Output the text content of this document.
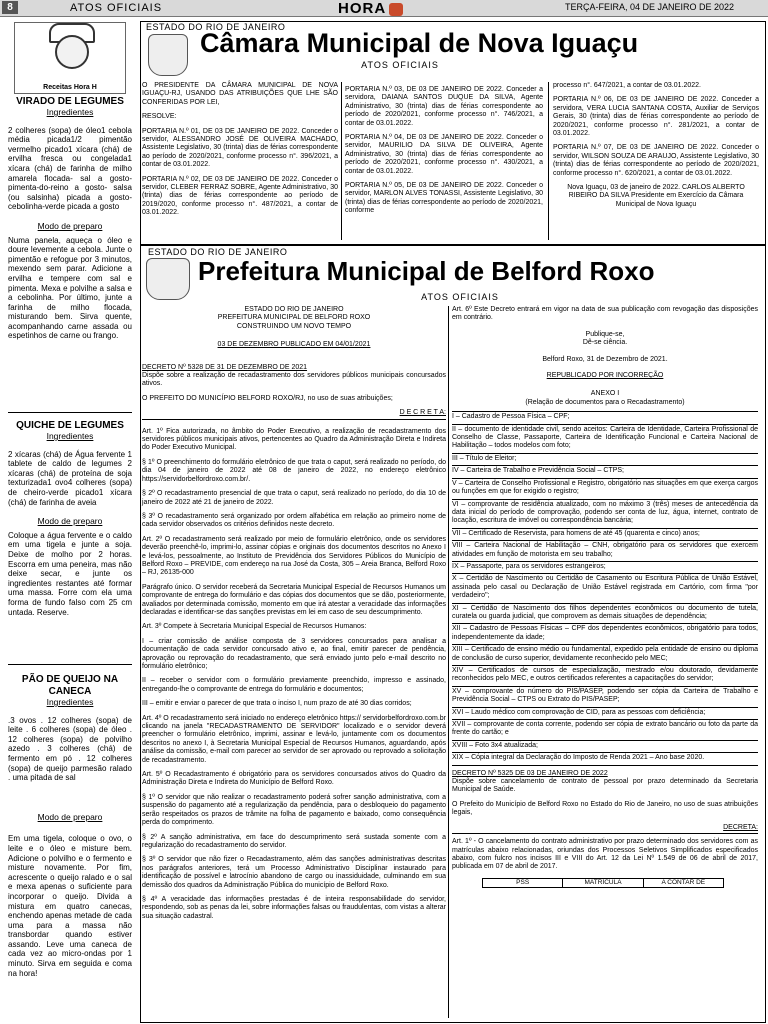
8	ATOS OFICIAIS	HORA	TERÇA-FEIRA, 04 DE JANEIRO DE 2022
Receitas Hora H
VIRADO DE LEGUMES
Ingredientes
2 colheres (sopa) de óleo1 cebola média picada1/2 pimentão vermelho picado1 xícara (chá) de ervilha fresca ou congelada1 xícara (chá) de farinha de milho amarela flocada- sal a gosto- pimenta-do-reino a gosto- salsa (ou salsinha) picada a gosto- cebolinha-verde picada a gosto
Modo de preparo
Numa panela, aqueça o óleo e doure levemente a cebola. Junte o pimentão e refogue por 3 minutos, mexendo sem parar. Adicione a ervilha e tempere com sal e pimenta. Mexa e polvilhe a salsa e a cebolinha. Por último, junte a farinha de milho flocada, misturando bem. Sirva quente, acompanhando carne assada ou espetinhos de carne ou frango.
QUICHE DE LEGUMES
Ingredientes
2 xícaras (chá) de Água fervente 1 tablete de caldo de legumes 2 xícaras (chá) de proteína de soja texturizada1 ovo4 colheres (sopa) de cheiro-verde picado1 xícara (chá) de farinha de aveia
Modo de preparo
Coloque a água fervente e o caldo em uma tigela e junte a soja. Deixe de molho por 2 horas. Escorra em uma peneira, mas não deixe secar, e junte os ingredientes restantes até formar uma massa. Forre com ela uma forma de fundo falso com 25 cm untada. Reserve.
PÃO DE QUEIJO NA CANECA
Ingredientes
.3 ovos . 12 colheres (sopa) de leite . 6 colheres (sopa) de óleo . 12 colheres (sopa) de polvilho azedo . 3 colheres (chá) de fermento em pó . 12 colheres (sopa) de queijo parmesão ralado . uma pitada de sal
Modo de preparo
Em uma tigela, coloque o ovo, o leite e o óleo e misture bem. Adicione o polvilho e o fermento e misture novamente. Por fim, acrescente o queijo ralado e o sal e mexa apenas o suficiente para incorporar o queijo. Divida a mistura em quatro canecas, enchendo apenas metade de cada uma para a massa não transbordar quando estiver assando. Leve uma caneca de cada vez ao micro-ondas por 1 minuto. Sirva em seguida e coma na hora!
ESTADO DO RIO DE JANEIRO
Câmara Municipal de Nova Iguaçu
ATOS OFICIAIS

O PRESIDENTE DA CÂMARA MUNICIPAL DE NOVA IGUAÇU-RJ, USANDO DAS ATRIBUIÇÕES QUE LHE SÃO CONFERIDAS POR LEI,

RESOLVE:

PORTARIA N.º 01, DE 03 DE JANEIRO DE 2022. Conceder o servidor, ALESSANDRO JOSÉ DE OLIVEIRA MACHADO, Assistente Legislativo, 30 (trinta) dias de férias correspondente ao período de 2020/2021, conforme processo n°. 396/2021, a contar de 03.01.2022.

PORTARIA N.º 02, DE 03 DE JANEIRO DE 2022. Conceder o servidor, CLEBER FERRAZ SOBRE, Agente Administrativo, 30 (trinta) dias de férias correspondente ao período de 2019/2020, conforme processo n°. 487/2021, a contar de 03.01.2022.

PORTARIA N.º 03, DE 03 DE JANEIRO DE 2022. Conceder a servidora, DAIANA SANTOS DUQUE DA SILVA, Agente Administrativo, 30 (trinta) dias de férias correspondente ao período de 2020/2021, conforme processo n°. 746/2021, a contar de 03.01.2022.

PORTARIA N.º 04, DE 03 DE JANEIRO DE 2022. Conceder o servidor, MAURILIO DA SILVA DE OLIVEIRA, Agente Administrativo, 30 (trinta) dias de férias correspondente ao período de 2020/2021, conforme processo n°. 430/2021, a contar de 03.01.2022.

PORTARIA N.º 05, DE 03 DE JANEIRO DE 2022. Conceder o servidor, MARLON ALVES TONASSI, Assistente Legislativo, 30 (trinta) dias de férias correspondente ao período de 2020/2021, conforme

processo n°. 647/2021, a contar de 03.01.2022.

PORTARIA N.º 06, DE 03 DE JANEIRO DE 2022. Conceder a servidora, VERA LUCIA SANTANA COSTA, Auxiliar de Serviços Gerais, 30 (trinta) dias de férias correspondente ao período de 2020/2021, conforme processo n°. 281/2021, a contar de 03.01.2022.

PORTARIA N.º 07, DE 03 DE JANEIRO DE 2022. Conceder o servidor, WILSON SOUZA DE ARAUJO, Assistente Legislativo, 30 (trinta) dias de férias correspondente ao período de 2020/2021, conforme processo n°. 620/2021, a contar de 03.01.2022.

Nova Iguaçu, 03 de janeiro de 2022. CARLOS ALBERTO RIBEIRO DA SILVA Presidente em Exercício da Câmara Municipal de Nova Iguaçu

ESTADO DO RIO DE JANEIRO
Prefeitura Municipal de Belford Roxo
ATOS OFICIAIS
ESTADO DO RIO DE JANEIRO
PREFEITURA MUNICIPAL DE BELFORD ROXO
CONSTRUINDO UM NOVO TEMPO
03 DE DEZEMBRO PUBLICADO EM 04/01/2021
DECRETO Nº 5328 DE 31 DE DEZEMBRO DE 2021

Dispõe sobre a realização de recadastramento dos servidores públicos municipais concursados ativos.

O PREFEITO DO MUNICÍPIO BELFORD ROXO/RJ, no uso de suas atribuições;

D E C R E T A:

Art. 1º Fica autorizada, no âmbito do Poder Executivo, a realização de recadastramento dos servidores públicos municipais ativos, pertencentes ao Quadro da Administração Direta e Indireta do Poder Executivo Municipal.

§ 1º O preenchimento do formulário eletrônico de que trata o caput, será realizado no período, do dia 04 de janeiro de 2022 até 08 de janeiro de 2022, no endereço eletrônico https://servidorbelfordroxo.com.br/.

§ 2º O recadastramento presencial de que trata o caput, será realizado no período, do dia 10 de janeiro de 2022 até 21 de janeiro de 2022.

§ 3º O recadastramento será organizado por ordem alfabética em relação ao primeiro nome de cada servidor observados os critérios definidos neste decreto.

Art. 2º O recadastramento será realizado por meio de formulário eletrônico, onde os servidores deverão preenchê-lo, imprimi-lo, assinar cópias e originais dos documentos descritos no Anexo I e levá-los, pessoalmente, ao Instituto de Previdência dos Servidores Públicos do Município de Belford Roxo – PREVIDE, com endereço na rua José da Costa, 305 – Areia Branca, Belford Roxo – RJ, 26135-000

Parágrafo único. O servidor receberá da Secretaria Municipal Especial de Recursos Humanos um comprovante de entrega do formulário e das cópias dos documentos que se dão, posteriormente, avaliados por determinada comissão, momento em que irá atestar a veracidade das informações declaradas e identificar-se das sanções previstas em lei em caso de seu descumprimento.

Art. 3º Compete à Secretaria Municipal Especial de Recursos Humanos:

I – criar comissão de análise composta de 3 servidores concursados para analisar a documentação de cada servidor concursado ativo e, ao final, emitir parecer de pendência, aprovação ou reprovação do recadastramento, que será enviado junto pelo e-mail descrito no formulário eletrônico;

II – receber o servidor com o formulário previamente preenchido, impresso e assinado, entregando-lhe o comprovante de entrega do formulário e documentos;

III – emitir e enviar o parecer de que trata o inciso I, num prazo de até 30 dias corridos;

Art. 4º O recadastramento será iniciado no endereço eletrônico https:// servidorbelfordroxo.com.br clicando na janela "RECADASTRAMENTO DE SERVIDOR" localizado e o servidor deverá preencher o formulário eletrônico, imprimi, assinar e levá-lo, juntamente com os documentos descritos no anexo I, à Secretaria Municipal Especial de Recursos Humanos, aguardando, após análise da comissão, e-mail com parecer ao servidor de ser aprovado ou reprovado a solicitação de recadastramento.

Art. 5º O Recadastramento é obrigatório para os servidores concursados ativos do Quadro da Administração Direta e Indireta do Município de Belford Roxo.

§ 1º O servidor que não realizar o recadastramento poderá sofrer sanção administrativa, com a suspensão do pagamento até a regularização da pendência, para o desbloqueio do pagamento serão respeitados os prazos de trâmite na folha de pagamento e baixado, como consequência perda do comprimento.

§ 2º A sanção administrativa, em face do descumprimento será sustada somente com a regularização do recadastramento do servidor.

§ 3º O servidor que não fizer o Recadastramento, além das sanções administrativas descritas nos parágrafos anteriores, terá um Processo Administrativo Disciplinar instaurado para identificação de possível e latrocínio abandono de cargo ou inassiduidade, culminando em sua demissão dos quadros da Administração Pública do município de Belford Roxo.

§ 4º A veracidade das informações prestadas é de inteira responsabilidade do servidor, respondendo, sob as penas da lei, sobre informações falsas ou fraudulentas, com vistas a alterar sua situação cadastral.

Art. 6º Este Decreto entrará em vigor na data de sua publicação com revogação das disposições em contrário.

Publique-se,
Dê-se ciência.
Belford Roxo, 31 de Dezembro de 2021.
REPUBLICADO POR INCORREÇÃO
ANEXO I
(Relação de documentos para o Recadastramento)
I – Cadastro de Pessoa Física – CPF;
II – documento de identidade civil, sendo aceitos: Carteira de Identidade, Carteira Profissional de Conselho de Classe, Passaporte, Carteira de Identificação Funcional e Carteira Nacional de Habilitação – todos modelos com foto;
III – Título de Eleitor;
IV – Carteira de Trabalho e Previdência Social – CTPS;
V – Carteira de Conselho Profissional e Registro, obrigatório nas situações em que exerça cargos ou funções em que for exigido o registro;
VI – comprovante de residência atualizado, com no máximo 3 (três) meses de antecedência da data inicial do período de comprovação, podendo ser conta de luz, água, internet, contrato de locação, escritura de imóvel ou correspondência bancária;
VII – Certificado de Reservista, para homens de até 45 (quarenta e cinco) anos;
VIII – Carteira Nacional de Habilitação – CNH, obrigatório para os servidores que exercem atividades em função de motorista em seu trabalho;
IX – Passaporte, para os servidores estrangeiros;
X – Certidão de Nascimento ou Certidão de Casamento ou Escritura Pública de União Estável, assinada pelo casal ou Declaração de União Estável registrada em Cartório, com firma "por verdadeiro";
XI – Certidão de Nascimento dos filhos dependentes econômicos ou documento de tutela, curatela ou guarda judicial, que comprovem as demais situações de dependência;
XII – Cadastro de Pessoas Físicas – CPF dos dependentes econômicos, obrigatório para todos, independentemente da idade;
XIII – Certificado de ensino médio ou fundamental, expedido pela entidade de ensino ou diploma de conclusão de curso superior, devidamente reconhecido pelo MEC;
XIV – Certificados de cursos de especialização, mestrado e/ou doutorado, devidamente reconhecidos pelo MEC, e outros certificados referentes a capacitações do servidor;
XV – comprovante do número do PIS/PASEP, podendo ser cópia da Carteira de Trabalho e Previdência Social – CTPS ou Extrato do PIS/PASEP;
XVI – Laudo médico com comprovação de CID, para as pessoas com deficiência;
XVII – comprovante de conta corrente, podendo ser cópia de extrato bancário ou foto da parte da frente do cartão; e
XVIII – Foto 3x4 atualizada;
XIX – Cópia integral da Declaração do Imposto de Renda 2021 – Ano base 2020.
DECRETO Nº 5325 DE 03 DE JANEIRO DE 2022

Dispõe sobre cancelamento de contrato de pessoal por prazo determinado da Secretaria Municipal de Saúde.

O Prefeito do Município de Belford Roxo no Estado do Rio de Janeiro, no uso de suas atribuições legais,

DECRETA:

Art. 1º - O cancelamento do contrato administrativo por prazo determinado dos servidores com as matrículas abaixo relacionadas, oriundas dos Processos Seletivos Simplificados especificados abaixo, com fulcro nos incisos III e VIII do Art. 12 da Lei Nº 1.549 de 06 de abril de 2017, publicada em 07 de abril de 2017.

PSS	MATRÍCULA	A CONTAR DE
